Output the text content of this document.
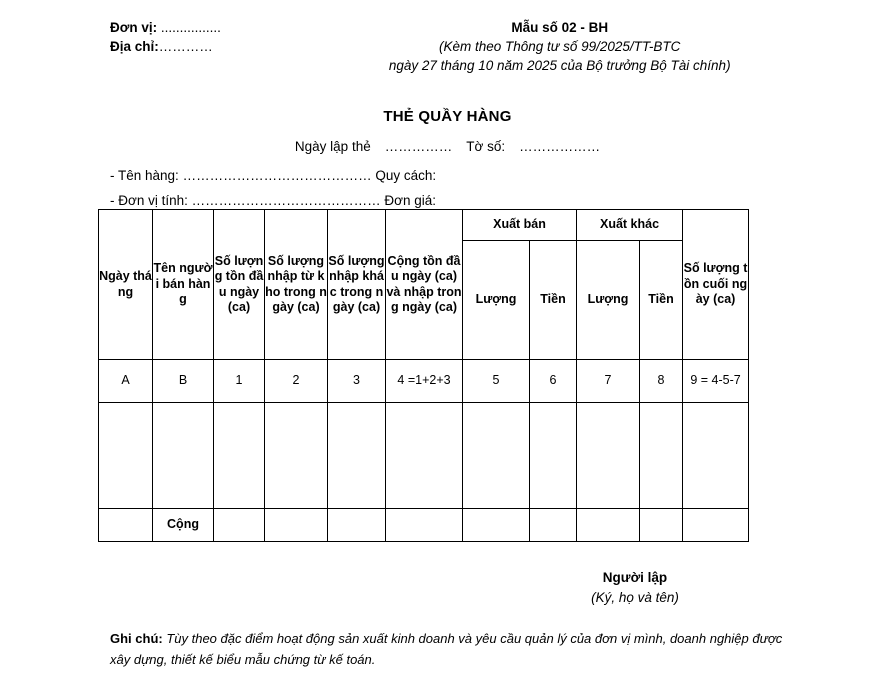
Đơn vị: ................
Địa chỉ:…………
Mẫu số 02 - BH
(Kèm theo Thông tư số 99/2025/TT-BTC
ngày 27 tháng 10 năm 2025 của Bộ trưởng Bộ Tài chính)
THẺ QUẦY HÀNG
Ngày lập thẻ …………… Tờ số: ………………
- Tên hàng: …………………………………… Quy cách:
- Đơn vị tính: …………………………………… Đơn giá:
Ngày tháng	Tên người bán hàng	Số lượng tồn đầu ngày (ca)	Số lượng nhập từ kho trong ngày (ca)	Số lượng nhập khác trong ngày (ca)	Cộng tồn đầu ngày (ca) và nhập trong ngày (ca)	Xuất bán		Xuất khác		Số lượng tồn cuối ngày (ca)
						Lượng	Tiền	Lượng	Tiền	
A	B	1	2	3	4 =1+2+3	5	6	7	8	9 = 4-5-7

	Cộng									
Người lập
(Ký, họ và tên)
Ghi chú: Tùy theo đặc điểm hoạt động sản xuất kinh doanh và yêu cầu quản lý của đơn vị mình, doanh nghiệp được xây dựng, thiết kế biểu mẫu chứng từ kế toán.
